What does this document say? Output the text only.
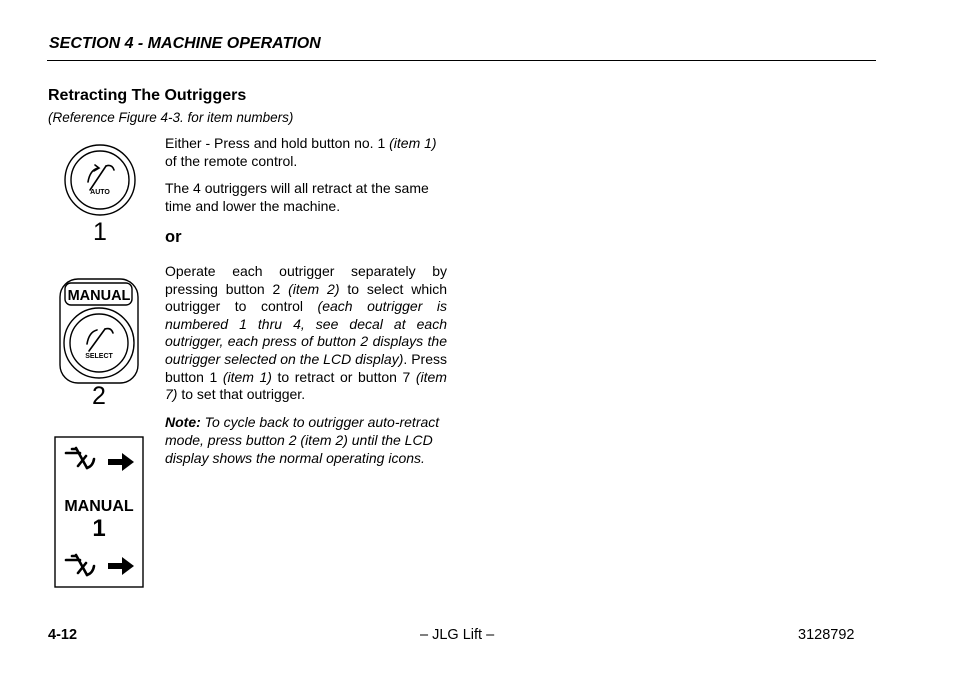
SECTION 4 - MACHINE OPERATION
Retracting The Outriggers
(Reference Figure 4-3. for item numbers)
AUTO
1
MANUAL
SELECT
2
MANUAL
1
Either - Press and hold button no. 1 (item 1) of the remote control.
The 4 outriggers will all retract at the same time and lower the machine.
or
Operate each outrigger separately by pressing button 2 (item 2) to select which outrigger to control (each outrigger is numbered 1 thru 4, see decal at each outrigger, each press of button 2 displays the outrigger selected on the LCD display). Press button 1 (item 1) to retract or button 7 (item 7) to set that outrigger.
Note: To cycle back to outrigger auto-retract mode, press button 2 (item 2) until the LCD display shows the normal operating icons.
4-12	– JLG Lift –	3128792
